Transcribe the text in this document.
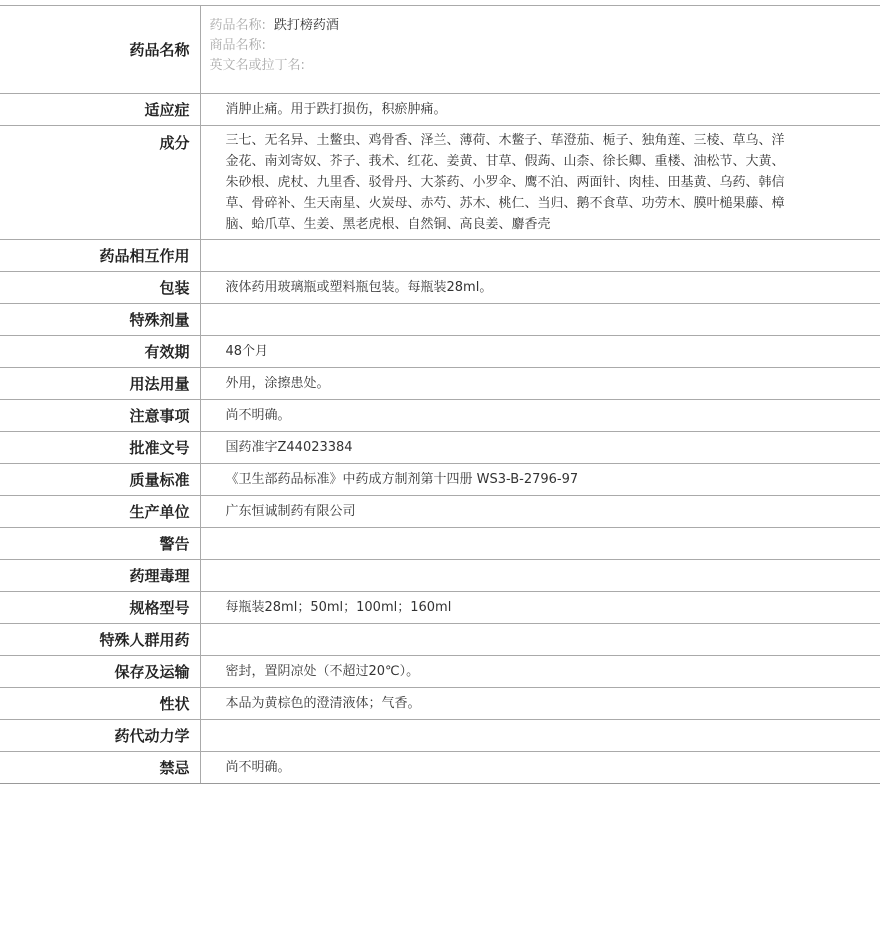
药品名称	药品名称: 跌打榜药酒
商品名称:
英文名或拉丁名:

适应症	消肿止痛。用于跌打损伤，积瘀肿痛。
成分	三七、无名异、土鳖虫、鸡骨香、泽兰、薄荷、木鳖子、荜澄茄、栀子、独角莲、三棱、草乌、洋金花、南刘寄奴、芥子、莪术、红花、姜黄、甘草、假蒟、山柰、徐长卿、重楼、油松节、大黄、朱砂根、虎杖、九里香、驳骨丹、大茶药、小罗伞、鹰不泊、两面针、肉桂、田基黄、乌药、韩信草、骨碎补、生天南星、火炭母、赤芍、苏木、桃仁、当归、鹅不食草、功劳木、膜叶槌果藤、樟脑、蛤爪草、生姜、黑老虎根、自然铜、高良姜、麝香壳
药品相互作用	
包装	液体药用玻璃瓶或塑料瓶包装。每瓶装28ml。
特殊剂量	
有效期	48个月
用法用量	外用，涂擦患处。
注意事项	尚不明确。
批准文号	国药准字Z44023384
质量标准	《卫生部药品标准》中药成方制剂第十四册 WS3-B-2796-97
生产单位	广东恒诚制药有限公司
警告	
药理毒理	
规格型号	每瓶装28ml；50ml；100ml；160ml
特殊人群用药	
保存及运输	密封，置阴凉处（不超过20℃）。
性状	本品为黄棕色的澄清液体；气香。
药代动力学	
禁忌	尚不明确。
